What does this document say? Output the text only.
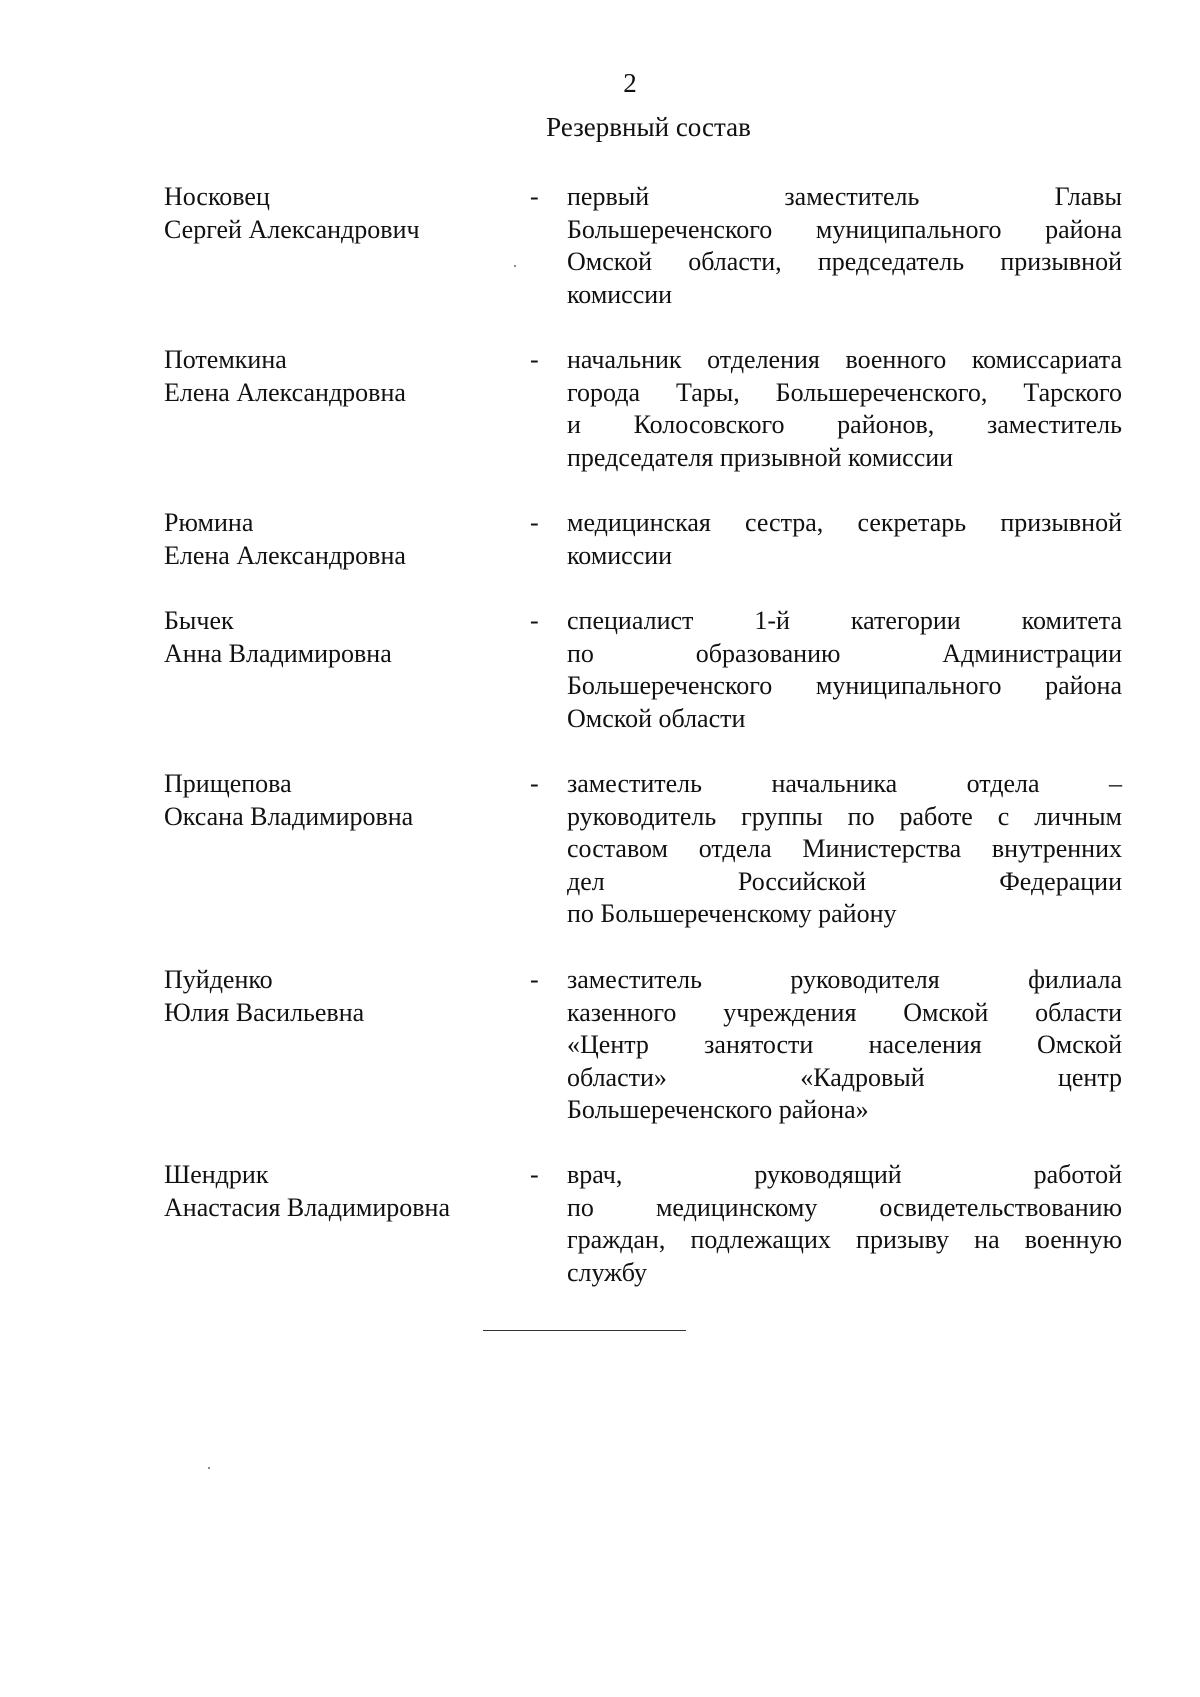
2
Резервный состав
Носковец
Сергей Александрович
- первый заместитель Главы
Большереченского муниципального района
Омской области, председатель призывной
комиссии
Потемкина
Елена Александровна
- начальник отделения военного комиссариата
города Тары, Большереченского, Тарского
и Колосовского районов, заместитель
председателя призывной комиссии
Рюмина
Елена Александровна
- медицинская сестра, секретарь призывной
комиссии
Бычек
Анна Владимировна
- специалист 1-й категории комитета
по образованию Администрации
Большереченского муниципального района
Омской области
Прищепова
Оксана Владимировна
- заместитель начальника отдела –
руководитель группы по работе с личным
составом отдела Министерства внутренних
дел Российской Федерации
по Большереченскому району
Пуйденко
Юлия Васильевна
- заместитель руководителя филиала
казенного учреждения Омской области
«Центр занятости населения Омской
области» «Кадровый центр
Большереченского района»
Шендрик
Анастасия Владимировна
- врач, руководящий работой
по медицинскому освидетельствованию
граждан, подлежащих призыву на военную
службу
